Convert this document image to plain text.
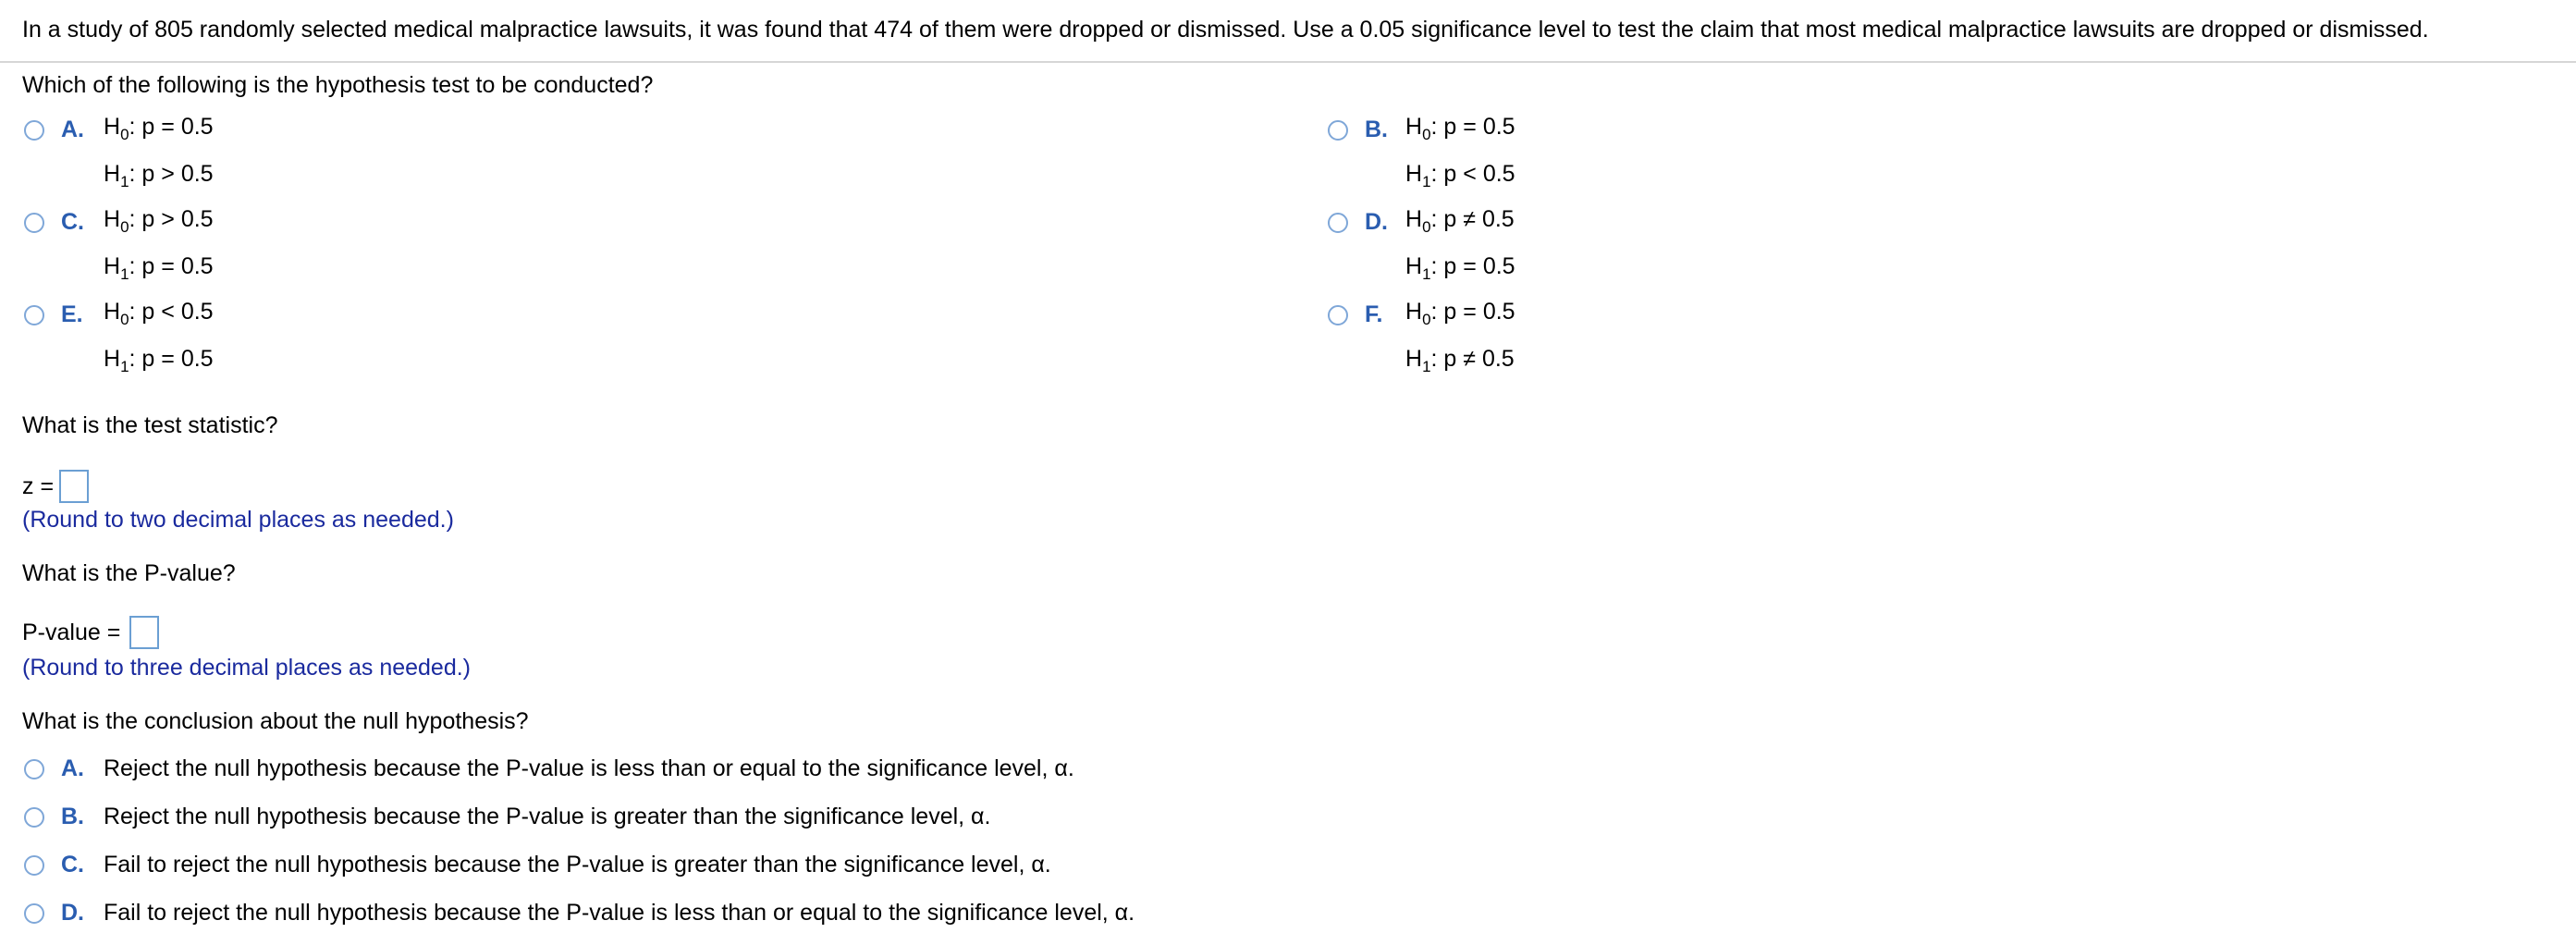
In a study of 805 randomly selected medical malpractice lawsuits, it was found that 474 of them were dropped or dismissed. Use a 0.05 significance level to test the claim that most medical malpractice lawsuits are dropped or dismissed.
Which of the following is the hypothesis test to be conducted?
A. $H_0$: p = 0.5
$H_1$: p > 0.5
B. $H_0$: p = 0.5
$H_1$: p < 0.5
C. $H_0$: p > 0.5
$H_1$: p = 0.5
D. $H_0$: p ≠ 0.5
$H_1$: p = 0.5
E. $H_0$: p < 0.5
$H_1$: p = 0.5
F. $H_0$: p = 0.5
$H_1$: p ≠ 0.5
What is the test statistic?
z =
(Round to two decimal places as needed.)
What is the P-value?
P-value =
(Round to three decimal places as needed.)
What is the conclusion about the null hypothesis?
A. Reject the null hypothesis because the P-value is less than or equal to the significance level, α.
B. Reject the null hypothesis because the P-value is greater than the significance level, α.
C. Fail to reject the null hypothesis because the P-value is greater than the significance level, α.
D. Fail to reject the null hypothesis because the P-value is less than or equal to the significance level, α.
